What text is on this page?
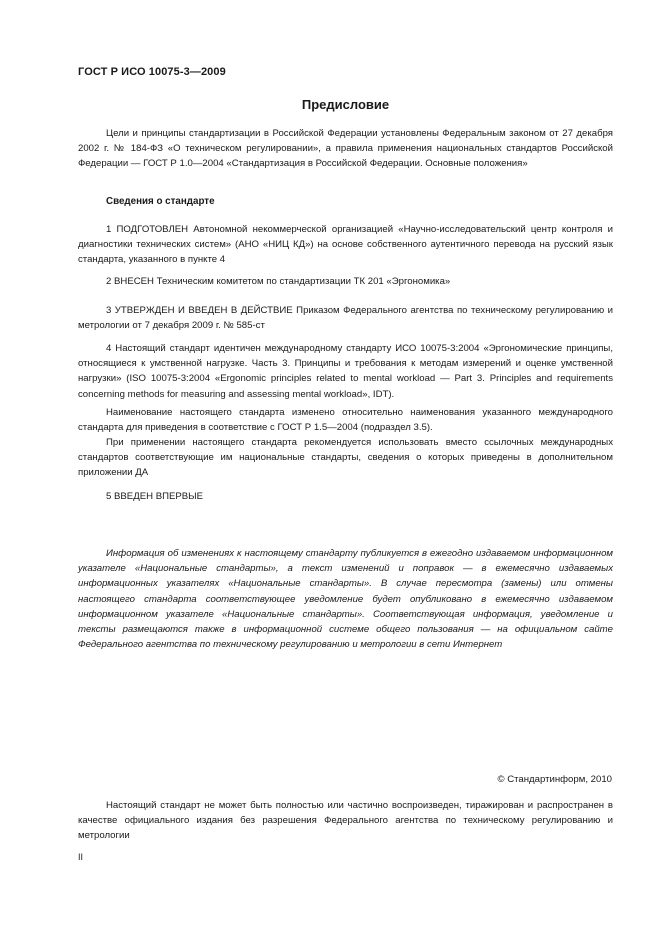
ГОСТ Р ИСО 10075-3—2009
Предисловие
Цели и принципы стандартизации в Российской Федерации установлены Федеральным законом от 27 декабря 2002 г. № 184-ФЗ «О техническом регулировании», а правила применения национальных стандартов Российской Федерации — ГОСТ Р 1.0—2004 «Стандартизация в Российской Федерации. Основные положения»
Сведения о стандарте
1 ПОДГОТОВЛЕН Автономной некоммерческой организацией «Научно-исследовательский центр контроля и диагностики технических систем» (АНО «НИЦ КД») на основе собственного аутентичного перевода на русский язык стандарта, указанного в пункте 4
2 ВНЕСЕН Техническим комитетом по стандартизации ТК 201 «Эргономика»
3 УТВЕРЖДЕН И ВВЕДЕН В ДЕЙСТВИЕ Приказом Федерального агентства по техническому регулированию и метрологии от 7 декабря 2009 г. № 585-ст
4 Настоящий стандарт идентичен международному стандарту ИСО 10075-3:2004 «Эргономические принципы, относящиеся к умственной нагрузке. Часть 3. Принципы и требования к методам измерений и оценке умственной нагрузки» (ISO 10075-3:2004 «Ergonomic principles related to mental workload — Part 3. Principles and requirements concerning methods for measuring and assessing mental workload», IDT).
Наименование настоящего стандарта изменено относительно наименования указанного международного стандарта для приведения в соответствие с ГОСТ Р 1.5—2004 (подраздел 3.5).
При применении настоящего стандарта рекомендуется использовать вместо ссылочных международных стандартов соответствующие им национальные стандарты, сведения о которых приведены в дополнительном приложении ДА
5 ВВЕДЕН ВПЕРВЫЕ
Информация об изменениях к настоящему стандарту публикуется в ежегодно издаваемом информационном указателе «Национальные стандарты», а текст изменений и поправок — в ежемесячно издаваемых информационных указателях «Национальные стандарты». В случае пересмотра (замены) или отмены настоящего стандарта соответствующее уведомление будет опубликовано в ежемесячно издаваемом информационном указателе «Национальные стандарты». Соответствующая информация, уведомление и тексты размещаются также в информационной системе общего пользования — на официальном сайте Федерального агентства по техническому регулированию и метрологии в сети Интернет
© Стандартинформ, 2010
Настоящий стандарт не может быть полностью или частично воспроизведен, тиражирован и распространен в качестве официального издания без разрешения Федерального агентства по техническому регулированию и метрологии
II
